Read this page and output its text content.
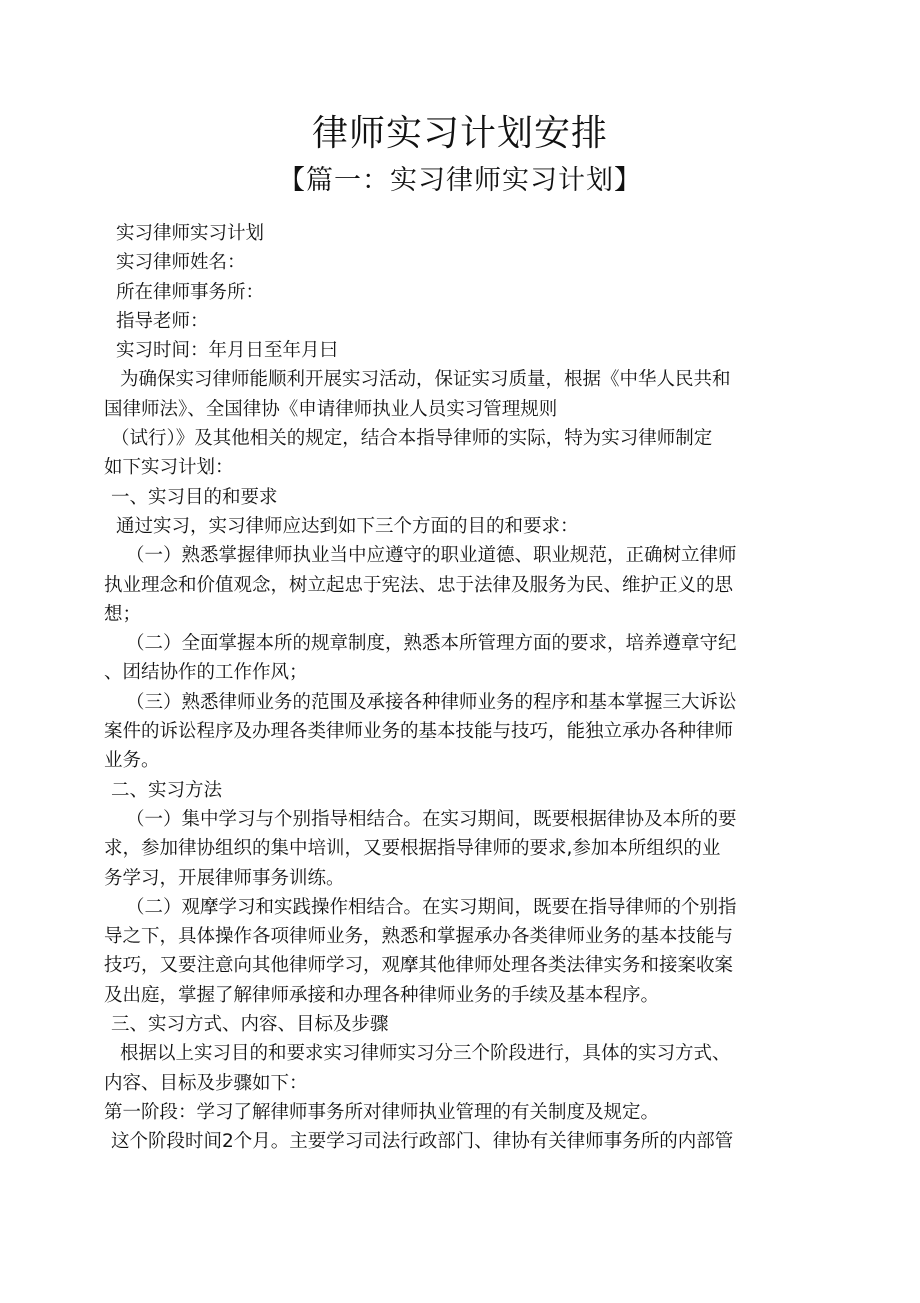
律师实习计划安排
【篇一：实习律师实习计划】
实习律师实习计划
实习律师姓名：
所在律师事务所：
指导老师：
实习时间：年月日至年月曰
为确保实习律师能顺利开展实习活动，保证实习质量，根据《中华人民共和
国律师法》、全国律协《申请律师执业人员实习管理规则
（试行）》及其他相关的规定，结合本指导律师的实际，特为实习律师制定
如下实习计划：
一、实习目的和要求
通过实习，实习律师应达到如下三个方面的目的和要求：
（一）熟悉掌握律师执业当中应遵守的职业道德、职业规范，正确树立律师
执业理念和价值观念，树立起忠于宪法、忠于法律及服务为民、维护正义的思
想；
（二）全面掌握本所的规章制度，熟悉本所管理方面的要求，培养遵章守纪
、团结协作的工作作风；
（三）熟悉律师业务的范围及承接各种律师业务的程序和基本掌握三大诉讼
案件的诉讼程序及办理各类律师业务的基本技能与技巧，能独立承办各种律师
业务。
二、实习方法
（一）集中学习与个别指导相结合。在实习期间，既要根据律协及本所的要
求，参加律协组织的集中培训，又要根据指导律师的要求,参加本所组织的业
务学习，开展律师事务训练。
（二）观摩学习和实践操作相结合。在实习期间，既要在指导律师的个别指
导之下，具体操作各项律师业务，熟悉和掌握承办各类律师业务的基本技能与
技巧，又要注意向其他律师学习，观摩其他律师处理各类法律实务和接案收案
及出庭，掌握了解律师承接和办理各种律师业务的手续及基本程序。
三、实习方式、内容、目标及步骤
根据以上实习目的和要求实习律师实习分三个阶段进行，具体的实习方式、
内容、目标及步骤如下：
第一阶段：学习了解律师事务所对律师执业管理的有关制度及规定。
这个阶段时间2个月。主要学习司法行政部门、律协有关律师事务所的内部管
